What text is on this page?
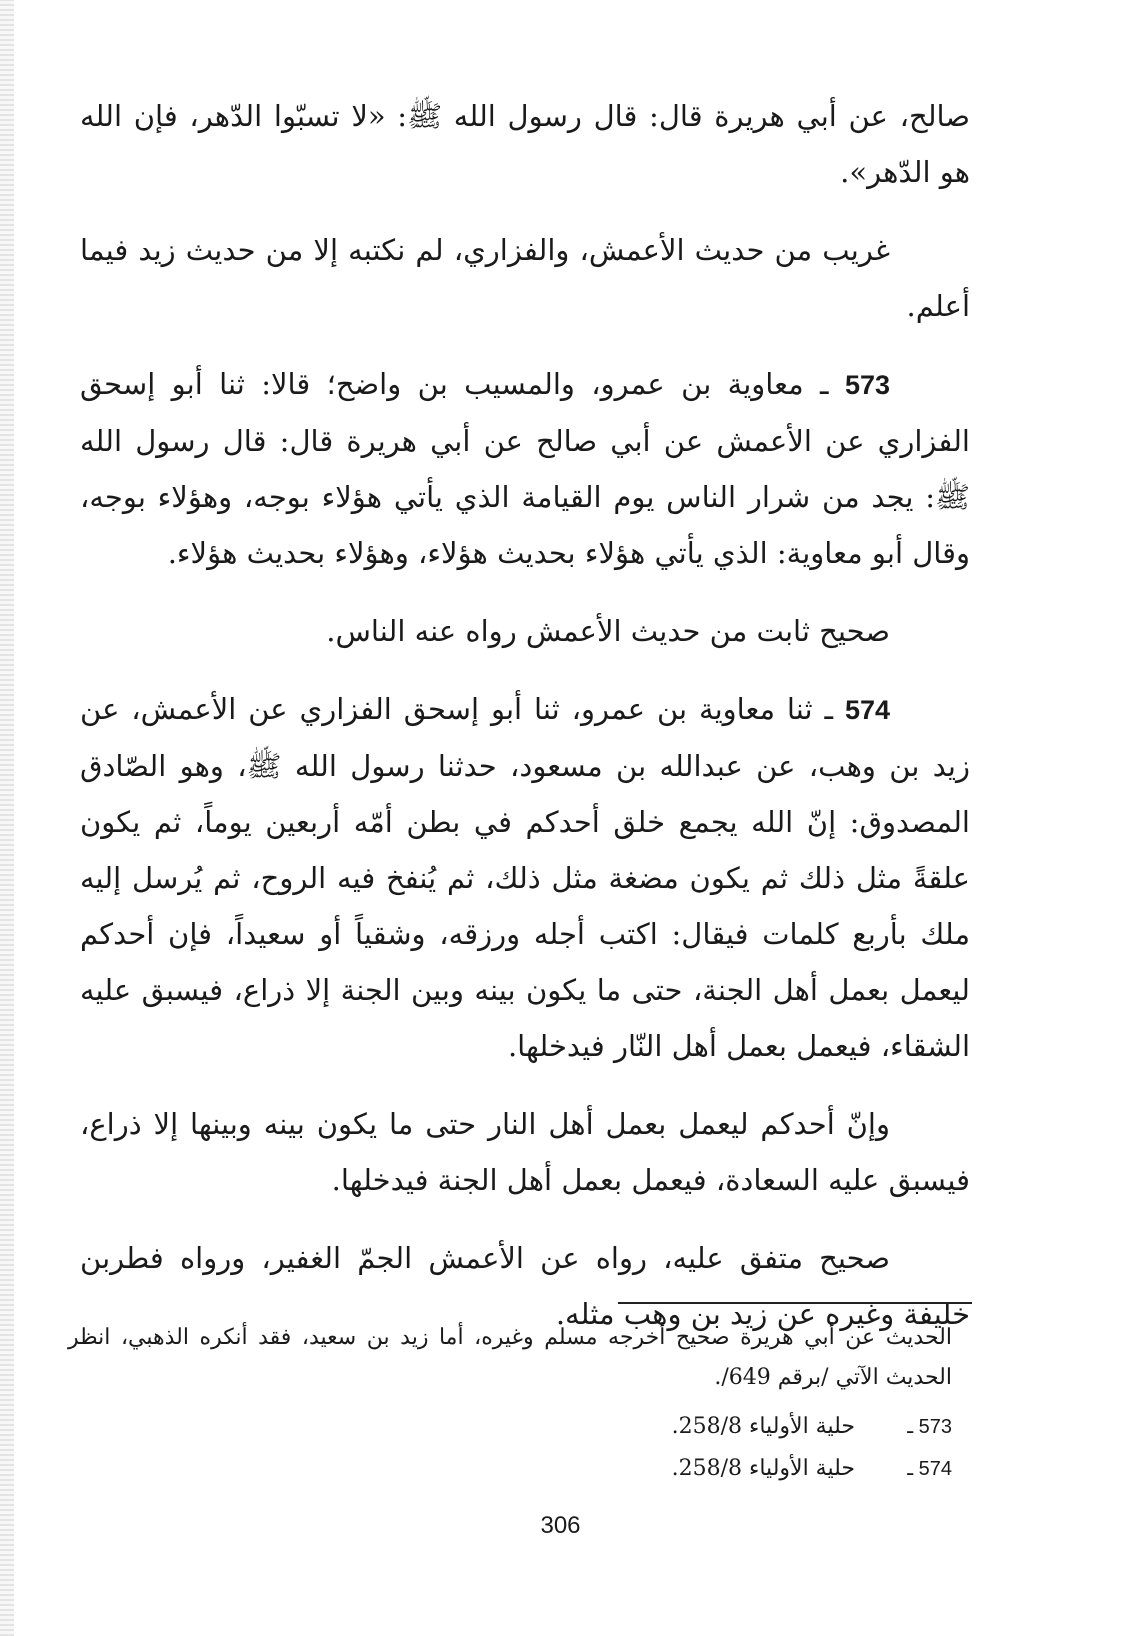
صالح، عن أبي هريرة قال: قال رسول الله ﷺ: «لا تسبّوا الدّهر، فإن الله هو الدّهر».

غريب من حديث الأعمش، والفزاري، لم نكتبه إلا من حديث زيد فيما أعلم.

573 ـ معاوية بن عمرو، والمسيب بن واضح؛ قالا: ثنا أبو إسحق الفزاري عن الأعمش عن أبي صالح عن أبي هريرة قال: قال رسول الله ﷺ: يجد من شرار الناس يوم القيامة الذي يأتي هؤلاء بوجه، وهؤلاء بوجه، وقال أبو معاوية: الذي يأتي هؤلاء بحديث هؤلاء، وهؤلاء بحديث هؤلاء.

صحيح ثابت من حديث الأعمش رواه عنه الناس.

574 ـ ثنا معاوية بن عمرو، ثنا أبو إسحق الفزاري عن الأعمش، عن زيد بن وهب، عن عبدالله بن مسعود، حدثنا رسول الله ﷺ، وهو الصّادق المصدوق: إنّ الله يجمع خلق أحدكم في بطن أمّه أربعين يوماً، ثم يكون علقةً مثل ذلك ثم يكون مضغة مثل ذلك، ثم يُنفخ فيه الروح، ثم يُرسل إليه ملك بأربع كلمات فيقال: اكتب أجله ورزقه، وشقياً أو سعيداً، فإن أحدكم ليعمل بعمل أهل الجنة، حتى ما يكون بينه وبين الجنة إلا ذراع، فيسبق عليه الشقاء، فيعمل بعمل أهل النّار فيدخلها.

وإنّ أحدكم ليعمل بعمل أهل النار حتى ما يكون بينه وبينها إلا ذراع، فيسبق عليه السعادة، فيعمل بعمل أهل الجنة فيدخلها.

صحيح متفق عليه، رواه عن الأعمش الجمّ الغفير، ورواه فطربن خليفة وغيره عن زيد بن وهب مثله.

الحديث عن أبي هريرة صحيح أخرجه مسلم وغيره، أما زيد بن سعيد، فقد أنكره الذهبي، انظر الحديث الآتي /برقم 649/.

573 ـ حلية الأولياء 258/8.

574 ـ حلية الأولياء 258/8.

306
